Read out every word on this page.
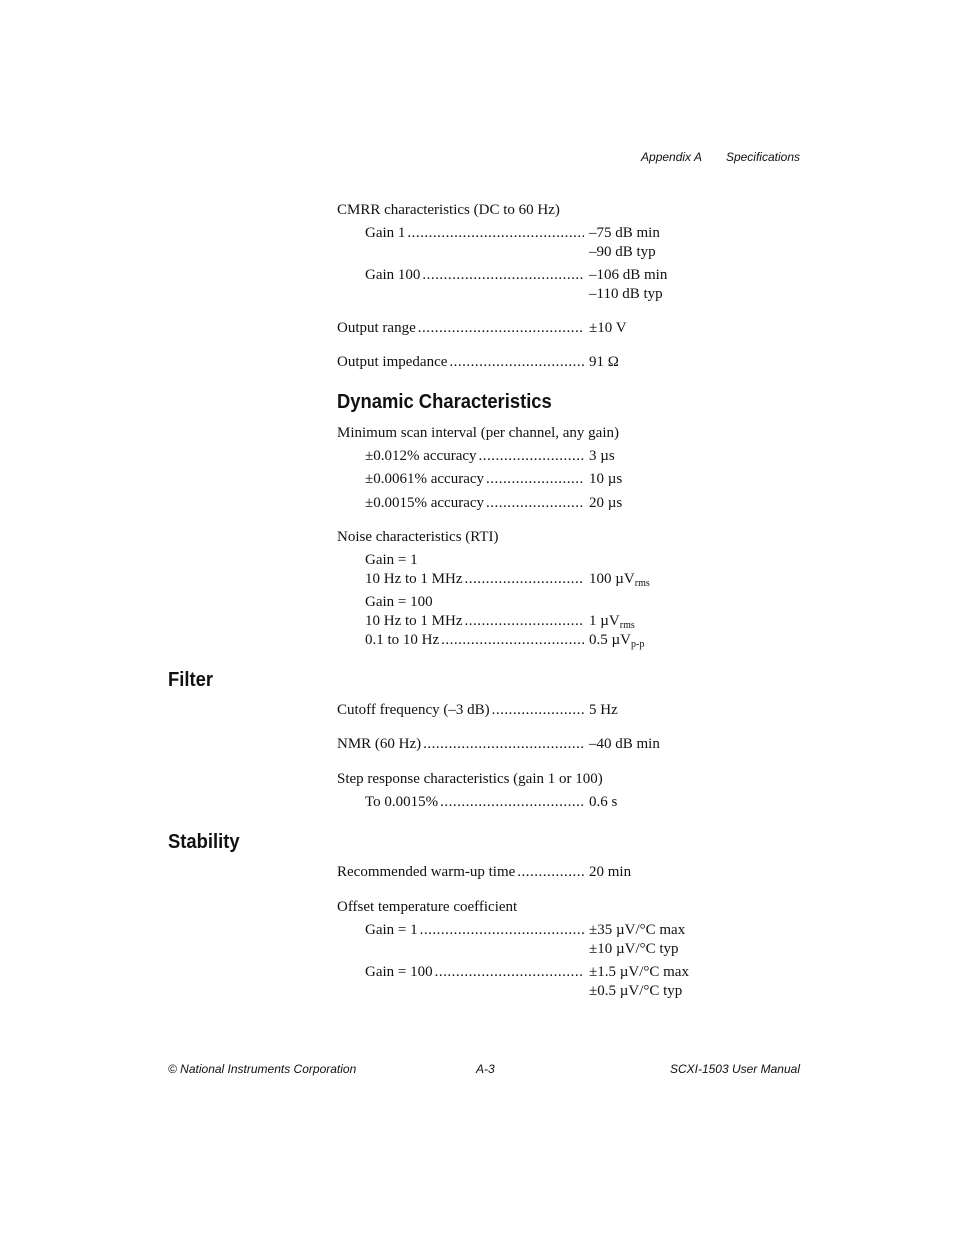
Appendix A Specifications
CMRR characteristics (DC to 60 Hz)
Gain 1 .....	–75 dB min
–90 dB typ
Gain 100 .....	–106 dB min
–110 dB typ
Output range .....	±10 V
Output impedance .....	91 Ω
Dynamic Characteristics
Minimum scan interval (per channel, any gain)
±0.012% accuracy .....	3 µs
±0.0061% accuracy .....	10 µs
±0.0015% accuracy .....	20 µs
Noise characteristics (RTI)
Gain = 1
10 Hz to 1 MHz .....	100 µV$_{rms}$
Gain = 100
10 Hz to 1 MHz .....	1 µV$_{rms}$
0.1 to 10 Hz .....	0.5 µV$_{p-p}$
Filter
Cutoff frequency (–3 dB) .....	5 Hz
NMR (60 Hz) .....	–40 dB min
Step response characteristics (gain 1 or 100)
To 0.0015% .....	0.6 s
Stability
Recommended warm-up time .....	20 min
Offset temperature coefficient
Gain = 1 .....	±35 µV/°C max
±10 µV/°C typ
Gain = 100 .....	±1.5 µV/°C max
±0.5 µV/°C typ
© National Instruments Corporation	A-3	SCXI-1503 User Manual
